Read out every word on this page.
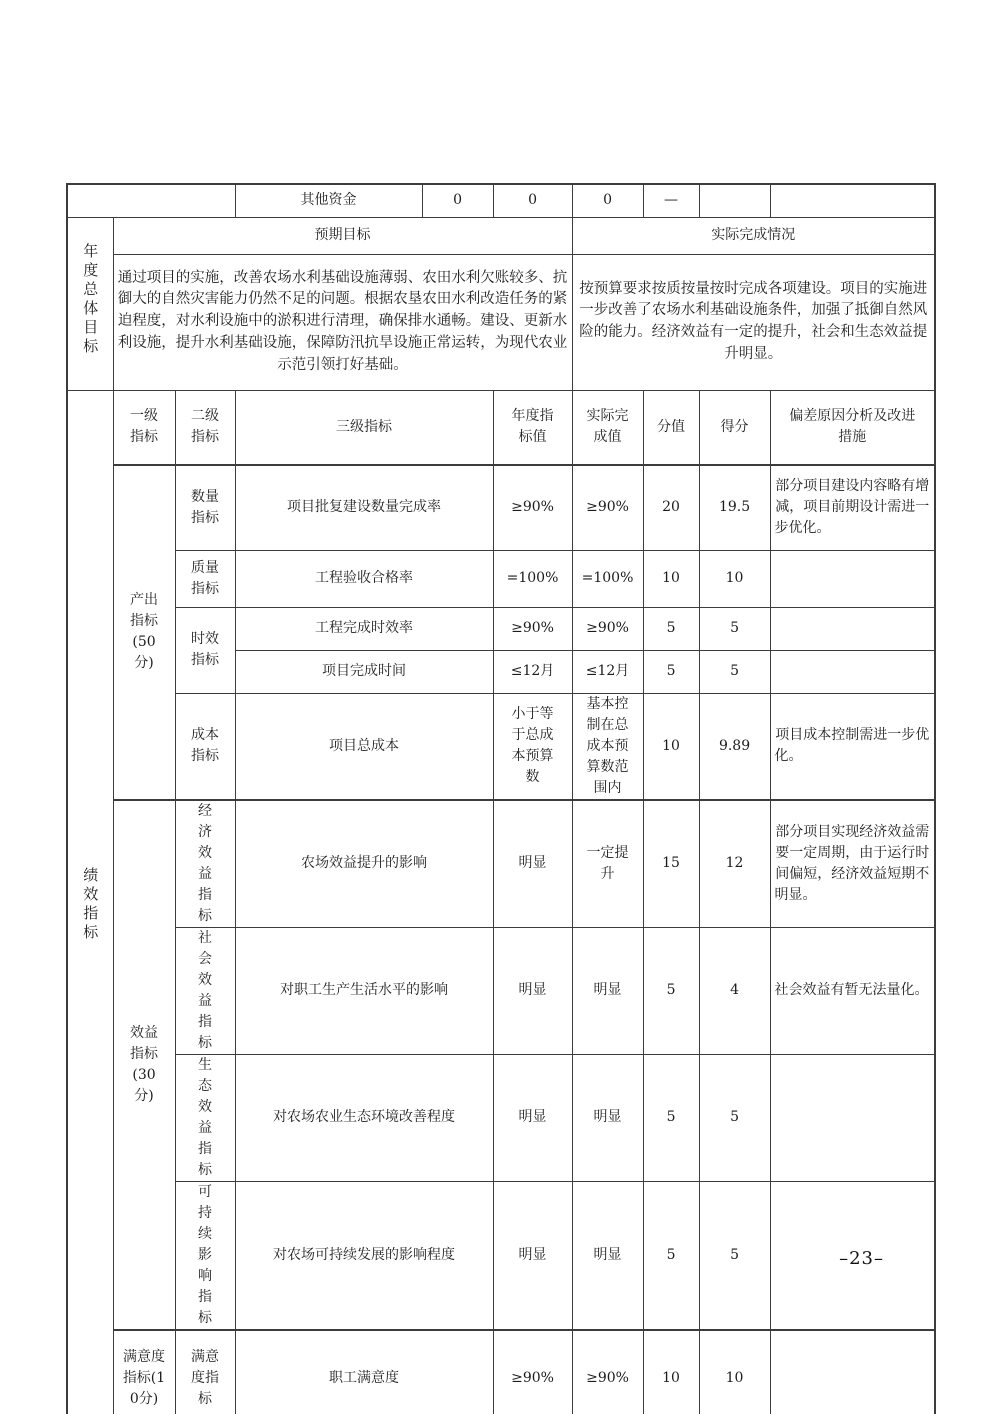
			其他资金	0	0	0	—		
年度总体目标	预期目标					实际完成情况			
	通过项目的实施，改善农场水利基础设施薄弱、农田水利欠账较多、抗御大的自然灾害能力仍然不足的问题。根据农垦农田水利改造任务的紧迫程度，对水利设施中的淤积进行清理，确保排水通畅。建设、更新水利设施，提升水利基础设施，保障防汛抗旱设施正常运转，为现代农业示范引领打好基础。					按预算要求按质按量按时完成各项建设。项目的实施进一步改善了农场水利基础设施条件，加强了抵御自然风险的能力。经济效益有一定的提升，社会和生态效益提升明显。			
绩效指标	一级指标	二级指标	三级指标		年度指标值	实际完成值	分值	得分	偏差原因分析及改进措施
	产出指标(50分)	数量指标	项目批复建设数量完成率		≥90%	≥90%	20	19.5	部分项目建设内容略有增减，项目前期设计需进一步优化。
		质量指标	工程验收合格率		=100%	=100%	10	10	
		时效指标	工程完成时效率		≥90%	≥90%	5	5	
			项目完成时间		≤12月	≤12月	5	5	
		成本指标	项目总成本		小于等于总成本预算数	基本控制在总成本预算数范围内	10	9.89	项目成本控制需进一步优化。
	效益指标(30分)	经济效益指标	农场效益提升的影响		明显	一定提升	15	12	部分项目实现经济效益需要一定周期，由于运行时间偏短，经济效益短期不明显。
		社会效益指标	对职工生产生活水平的影响		明显	明显	5	4	社会效益有暂无法量化。
		生态效益指标	对农场农业生态环境改善程度		明显	明显	5	5	
		可持续影响指标	对农场可持续发展的影响程度		明显	明显	5	5	
	满意度指标(10分)	满意度指标	职工满意度		≥90%	≥90%	10	10	
–23–
